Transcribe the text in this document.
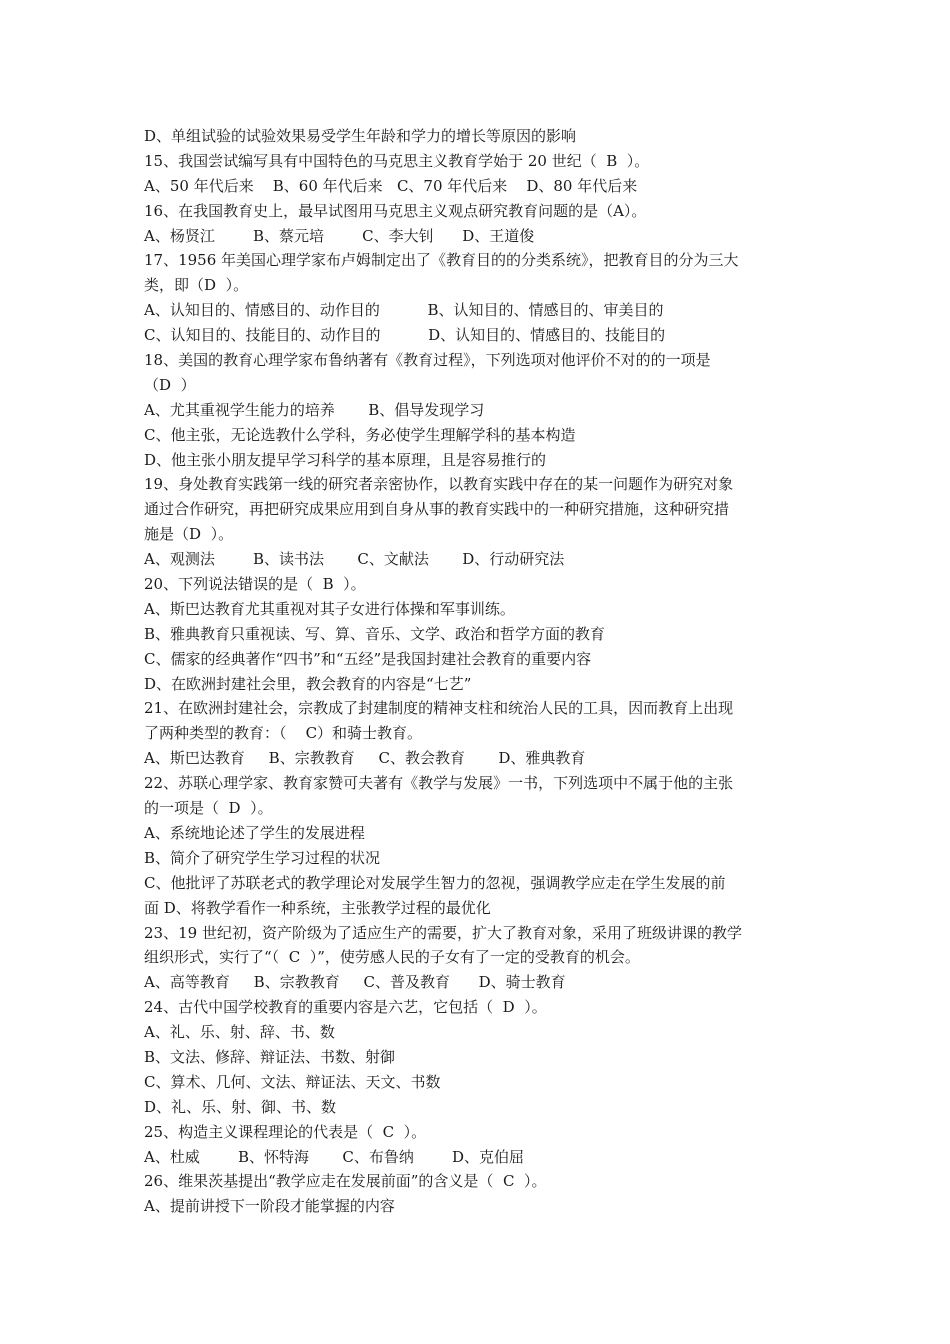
D、单组试验的试验效果易受学生年龄和学力的增长等原因的影响
15、我国尝试编写具有中国特色的马克思主义教育学始于 20 世纪（  B  ）。
A、50 年代后来    B、60 年代后来   C、70 年代后来    D、80 年代后来
16、在我国教育史上，最早试图用马克思主义观点研究教育问题的是（A）。
A、杨贤江        B、蔡元培        C、李大钊      D、王道俊
17、1956 年美国心理学家布卢姆制定出了《教育目的的分类系统》，把教育目的分为三大
类，即（D  ）。
A、认知目的、情感目的、动作目的          B、认知目的、情感目的、审美目的
C、认知目的、技能目的、动作目的          D、认知目的、情感目的、技能目的
18、美国的教育心理学家布鲁纳著有《教育过程》，下列选项对他评价不对的的一项是
（D  ）
A、尤其重视学生能力的培养       B、倡导发现学习
C、他主张，无论选教什么学科，务必使学生理解学科的基本构造
D、他主张小朋友提早学习科学的基本原理，且是容易推行的
19、身处教育实践第一线的研究者亲密协作，以教育实践中存在的某一问题作为研究对象
通过合作研究，再把研究成果应用到自身从事的教育实践中的一种研究措施，这种研究措
施是（D  ）。
A、观测法        B、读书法       C、文献法       D、行动研究法
20、下列说法错误的是（  B  ）。
A、斯巴达教育尤其重视对其子女进行体操和军事训练。
B、雅典教育只重视读、写、算、音乐、文学、政治和哲学方面的教育
C、儒家的经典著作“四书”和“五经”是我国封建社会教育的重要内容
D、在欧洲封建社会里，教会教育的内容是“七艺”
21、在欧洲封建社会，宗教成了封建制度的精神支柱和统治人民的工具，因而教育上出现
了两种类型的教育：（    C）和骑士教育。
A、斯巴达教育     B、宗教教育     C、教会教育       D、雅典教育
22、苏联心理学家、教育家赞可夫著有《教学与发展》一书，下列选项中不属于他的主张
的一项是（  D  ）。
A、系统地论述了学生的发展进程
B、简介了研究学生学习过程的状况
C、他批评了苏联老式的教学理论对发展学生智力的忽视，强调教学应走在学生发展的前
面 D、将教学看作一种系统，主张教学过程的最优化
23、19 世纪初，资产阶级为了适应生产的需要，扩大了教育对象，采用了班级讲课的教学
组织形式，实行了“（  C  ）”，使劳感人民的子女有了一定的受教育的机会。
A、高等教育     B、宗教教育     C、普及教育      D、骑士教育
24、古代中国学校教育的重要内容是六艺，它包括（  D  ）。
A、礼、乐、射、辞、书、数
B、文法、修辞、辩证法、书数、射御
C、算术、几何、文法、辩证法、天文、书数
D、礼、乐、射、御、书、数
25、构造主义课程理论的代表是（  C  ）。
A、杜威        B、怀特海       C、布鲁纳        D、克伯屈
26、维果茨基提出“教学应走在发展前面”的含义是（  C  ）。
A、提前讲授下一阶段才能掌握的内容
